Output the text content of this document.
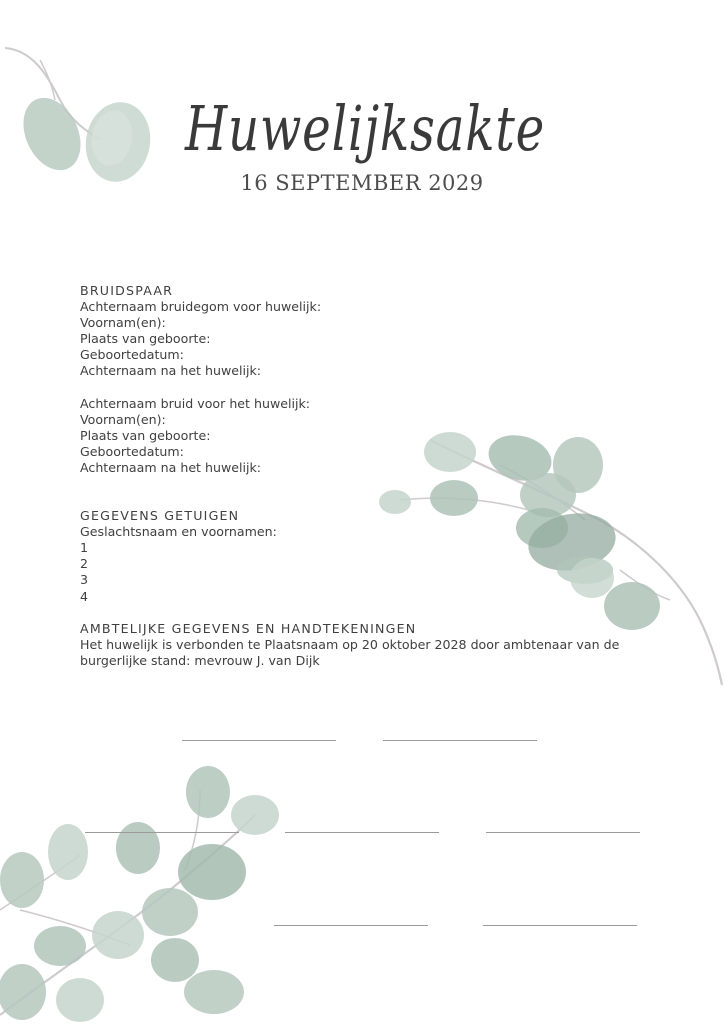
Huwelijksakte
16 SEPTEMBER 2029
BRUIDSPAAR
Achternaam bruidegom voor huwelijk:
Voornam(en):
Plaats van geboorte:
Geboortedatum:
Achternaam na het huwelijk:
Achternaam bruid voor het huwelijk:
Voornam(en):
Plaats van geboorte:
Geboortedatum:
Achternaam na het huwelijk:
GEGEVENS GETUIGEN
Geslachtsnaam en voornamen:
1
2
3
4
AMBTELIJKE GEGEVENS EN HANDTEKENINGEN
Het huwelijk is verbonden te Plaatsnaam op 20 oktober 2028 door ambtenaar van de burgerlijke stand: mevrouw J. van Dijk
